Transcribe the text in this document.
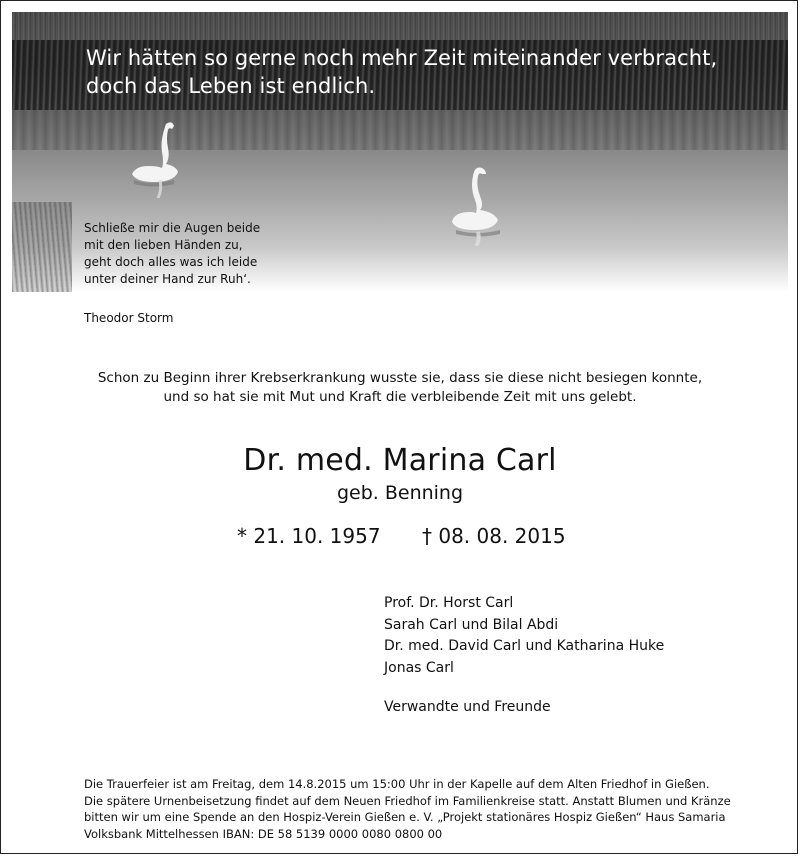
Wir hätten so gerne noch mehr Zeit miteinander verbracht,
doch das Leben ist endlich.

Schließe mir die Augen beide
mit den lieben Händen zu,
geht doch alles was ich leide
unter deiner Hand zur Ruh‘.
Theodor Storm
Schon zu Beginn ihrer Krebserkrankung wusste sie, dass sie diese nicht besiegen konnte,
und so hat sie mit Mut und Kraft die verbleibende Zeit mit uns gelebt.
Dr. med. Marina Carl
geb. Benning
* 21. 10. 1957 † 08. 08. 2015
Prof. Dr. Horst Carl
Sarah Carl und Bilal Abdi
Dr. med. David Carl und Katharina Huke
Jonas Carl
Verwandte und Freunde
Die Trauerfeier ist am Freitag, dem 14.8.2015 um 15:00 Uhr in der Kapelle auf dem Alten Friedhof in Gießen.
Die spätere Urnenbeisetzung findet auf dem Neuen Friedhof im Familienkreise statt. Anstatt Blumen und Kränze
bitten wir um eine Spende an den Hospiz-Verein Gießen e. V. „Projekt stationäres Hospiz Gießen“ Haus Samaria
Volksbank Mittelhessen IBAN: DE 58 5139 0000 0080 0800 00
